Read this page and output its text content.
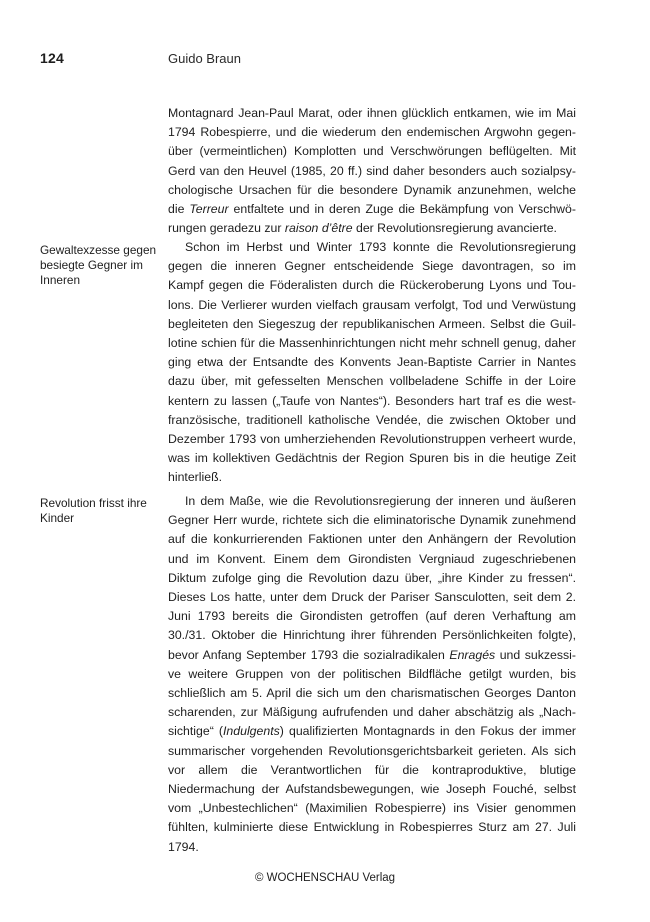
124	Guido Braun

Montagnard Jean-Paul Marat, oder ihnen glücklich entkamen, wie im Mai 1794 Robespierre, und die wiederum den endemischen Argwohn gegenüber (vermeintlichen) Komplotten und Verschwörungen beflügelten. Mit Gerd van den Heuvel (1985, 20 ff.) sind daher besonders auch sozialpsychologische Ursachen für die besondere Dynamik anzunehmen, welche die Terreur entfaltete und in deren Zuge die Bekämpfung von Verschwörungen geradezu zur raison d’être der Revolutionsregierung avancierte.

Gewaltexzesse gegen besiegte Gegner im Inneren

Schon im Herbst und Winter 1793 konnte die Revolutionsregierung gegen die inneren Gegner entscheidende Siege davontragen, so im Kampf gegen die Föderalisten durch die Rückeroberung Lyons und Toulons. Die Verlierer wurden vielfach grausam verfolgt, Tod und Verwüstung begleiteten den Siegeszug der republikanischen Armeen. Selbst die Guillotine schien für die Massenhinrichtungen nicht mehr schnell genug, daher ging etwa der Entsandte des Konvents Jean-Baptiste Carrier in Nantes dazu über, mit gefesselten Menschen vollbeladene Schiffe in der Loire kentern zu lassen („Taufe von Nantes“). Besonders hart traf es die westfranzösische, traditionell katholische Vendée, die zwischen Oktober und Dezember 1793 von umherziehenden Revolutionstruppen verheert wurde, was im kollektiven Gedächtnis der Region Spuren bis in die heutige Zeit hinterließ.

Revolution frisst ihre Kinder

In dem Maße, wie die Revolutionsregierung der inneren und äußeren Gegner Herr wurde, richtete sich die eliminatorische Dynamik zunehmend auf die konkurrierenden Faktionen unter den Anhängern der Revolution und im Konvent. Einem dem Girondisten Vergniaud zugeschriebenen Diktum zufolge ging die Revolution dazu über, „ihre Kinder zu fressen“. Dieses Los hatte, unter dem Druck der Pariser Sansculotten, seit dem 2. Juni 1793 bereits die Girondisten getroffen (auf deren Verhaftung am 30./31. Oktober die Hinrichtung ihrer führenden Persönlichkeiten folgte), bevor Anfang September 1793 die sozialradikalen Enragés und sukzessive weitere Gruppen von der politischen Bildfläche getilgt wurden, bis schließlich am 5. April die sich um den charismatischen Georges Danton scharenden, zur Mäßigung aufrufenden und daher abschätzig als „Nachsichtige“ (Indulgents) qualifizierten Montagnards in den Fokus der immer summarischer vorgehenden Revolutionsgerichtsbarkeit gerieten. Als sich vor allem die Verantwortlichen für die kontraproduktive, blutige Niedermachung der Aufstandsbewegungen, wie Joseph Fouché, selbst vom „Unbestechlichen“ (Maximilien Robespierre) ins Visier genommen fühlten, kulminierte diese Entwicklung in Robespierres Sturz am 27. Juli 1794.

© WOCHENSCHAU Verlag
